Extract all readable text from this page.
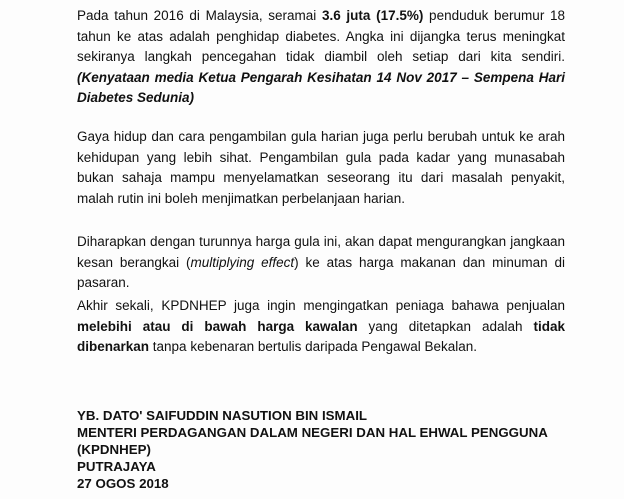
Pada tahun 2016 di Malaysia, seramai 3.6 juta (17.5%) penduduk berumur 18 tahun ke atas adalah penghidap diabetes. Angka ini dijangka terus meningkat sekiranya langkah pencegahan tidak diambil oleh setiap dari kita sendiri. (Kenyataan media Ketua Pengarah Kesihatan 14 Nov 2017 – Sempena Hari Diabetes Sedunia)

Gaya hidup dan cara pengambilan gula harian juga perlu berubah untuk ke arah kehidupan yang lebih sihat. Pengambilan gula pada kadar yang munasabah bukan sahaja mampu menyelamatkan seseorang itu dari masalah penyakit, malah rutin ini boleh menjimatkan perbelanjaan harian.

Diharapkan dengan turunnya harga gula ini, akan dapat mengurangkan jangkaan kesan berangkai (multiplying effect) ke atas harga makanan dan minuman di pasaran.

Akhir sekali, KPDNHEP juga ingin mengingatkan peniaga bahawa penjualan melebihi atau di bawah harga kawalan yang ditetapkan adalah tidak dibenarkan tanpa kebenaran bertulis daripada Pengawal Bekalan.

YB. DATO' SAIFUDDIN NASUTION BIN ISMAIL
MENTERI PERDAGANGAN DALAM NEGERI DAN HAL EHWAL PENGGUNA
(KPDNHEP)
PUTRAJAYA
27 OGOS 2018
